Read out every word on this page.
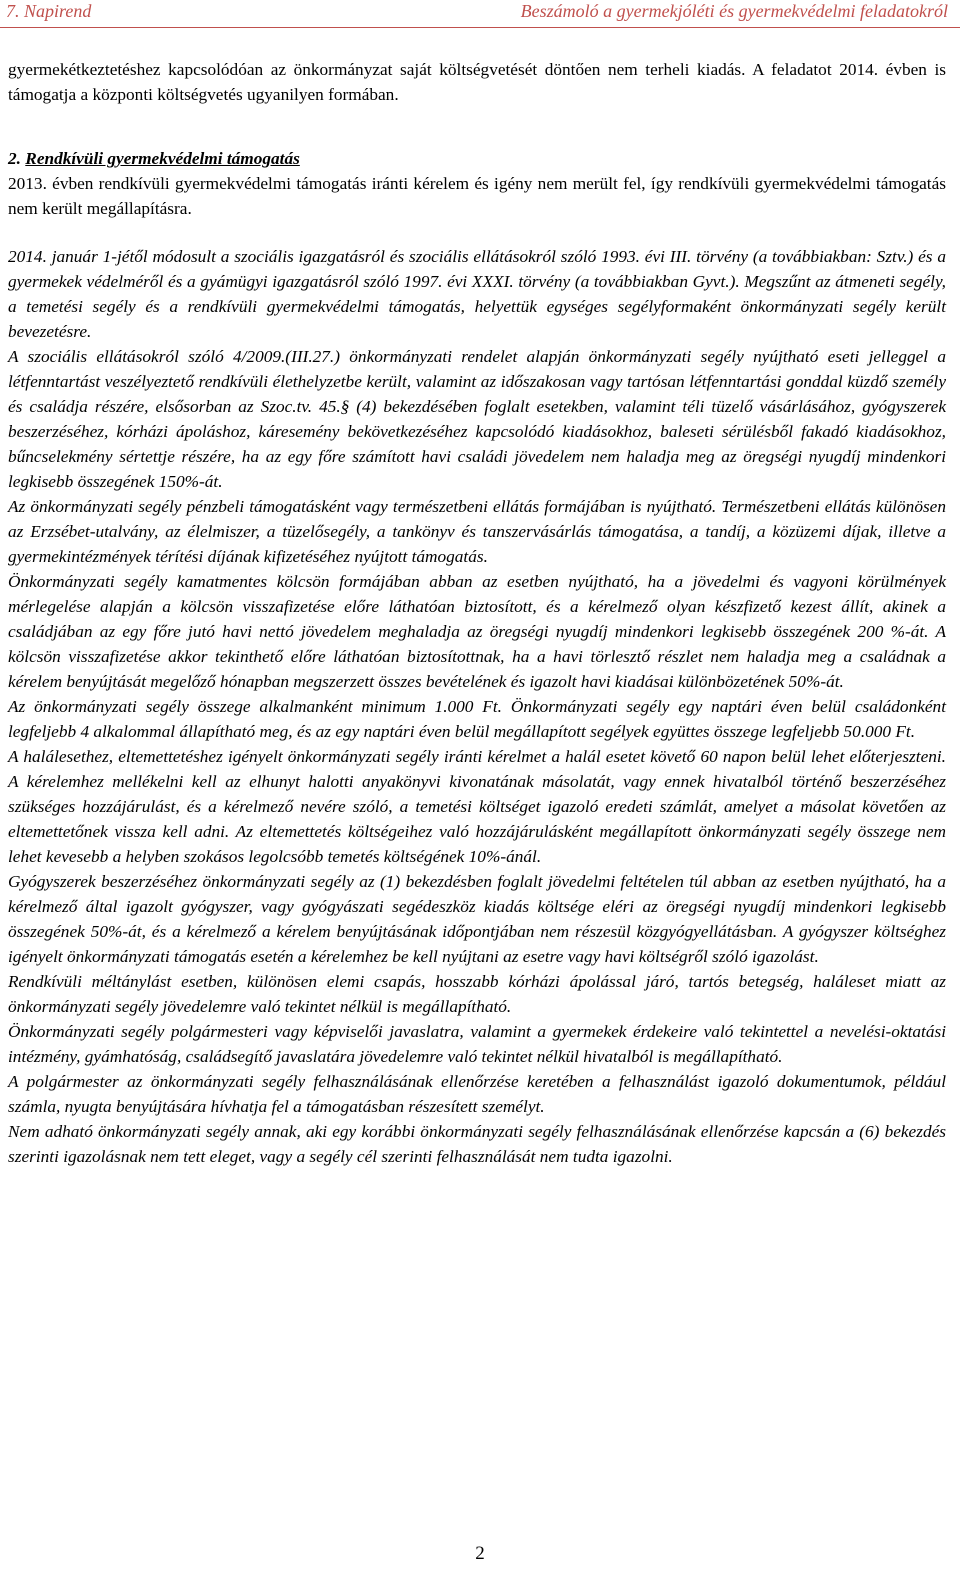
7. Napirend	Beszámoló a gyermekjóléti és gyermekvédelmi feladatokról

gyermekétkeztetéshez kapcsolódóan az önkormányzat saját költségvetését döntően nem terheli kiadás. A feladatot 2014. évben is támogatja a központi költségvetés ugyanilyen formában.

2. Rendkívüli gyermekvédelmi támogatás

2013. évben rendkívüli gyermekvédelmi támogatás iránti kérelem és igény nem merült fel, így rendkívüli gyermekvédelmi támogatás nem került megállapításra.

2014. január 1-jétől módosult a szociális igazgatásról és szociális ellátásokról szóló 1993. évi III. törvény (a továbbiakban: Sztv.) és a gyermekek védelméről és a gyámügyi igazgatásról szóló 1997. évi XXXI. törvény (a továbbiakban Gyvt.). Megszűnt az átmeneti segély, a temetési segély és a rendkívüli gyermekvédelmi támogatás, helyettük egységes segélyformaként önkormányzati segély került bevezetésre.

A szociális ellátásokról szóló 4/2009.(III.27.) önkormányzati rendelet alapján önkormányzati segély nyújtható eseti jelleggel a létfenntartást veszélyeztető rendkívüli élethelyzetbe került, valamint az időszakosan vagy tartósan létfenntartási gonddal küzdő személy és családja részére, elsősorban az Szoc.tv. 45.§ (4) bekezdésében foglalt esetekben, valamint téli tüzelő vásárlásához, gyógyszerek beszerzéséhez, kórházi ápoláshoz, káresemény bekövetkezéséhez kapcsolódó kiadásokhoz, baleseti sérülésből fakadó kiadásokhoz, bűncselekmény sértettje részére, ha az egy főre számított havi családi jövedelem nem haladja meg az öregségi nyugdíj mindenkori legkisebb összegének 150%-át.

Az önkormányzati segély pénzbeli támogatásként vagy természetbeni ellátás formájában is nyújtható. Természetbeni ellátás különösen az Erzsébet-utalvány, az élelmiszer, a tüzelősegély, a tankönyv és tanszervásárlás támogatása, a tandíj, a közüzemi díjak, illetve a gyermekintézmények térítési díjának kifizetéséhez nyújtott támogatás.

Önkormányzati segély kamatmentes kölcsön formájában abban az esetben nyújtható, ha a jövedelmi és vagyoni körülmények mérlegelése alapján a kölcsön visszafizetése előre láthatóan biztosított, és a kérelmező olyan készfizető kezest állít, akinek a családjában az egy főre jutó havi nettó jövedelem meghaladja az öregségi nyugdíj mindenkori legkisebb összegének 200 %-át. A kölcsön visszafizetése akkor tekinthető előre láthatóan biztosítottnak, ha a havi törlesztő részlet nem haladja meg a családnak a kérelem benyújtását megelőző hónapban megszerzett összes bevételének és igazolt havi kiadásai különbözetének 50%-át.

Az önkormányzati segély összege alkalmanként minimum 1.000 Ft. Önkormányzati segély egy naptári éven belül családonként legfeljebb 4 alkalommal állapítható meg, és az egy naptári éven belül megállapított segélyek együttes összege legfeljebb 50.000 Ft.

A halálesethez, eltemettetéshez igényelt önkormányzati segély iránti kérelmet a halál esetet követő 60 napon belül lehet előterjeszteni. A kérelemhez mellékelni kell az elhunyt halotti anyakönyvi kivonatának másolatát, vagy ennek hivatalból történő beszerzéséhez szükséges hozzájárulást, és a kérelmező nevére szóló, a temetési költséget igazoló eredeti számlát, amelyet a másolat követően az eltemettetőnek vissza kell adni. Az eltemettetés költségeihez való hozzájárulásként megállapított önkormányzati segély összege nem lehet kevesebb a helyben szokásos legolcsóbb temetés költségének 10%-ánál.

Gyógyszerek beszerzéséhez önkormányzati segély az (1) bekezdésben foglalt jövedelmi feltételen túl abban az esetben nyújtható, ha a kérelmező által igazolt gyógyszer, vagy gyógyászati segédeszköz kiadás költsége eléri az öregségi nyugdíj mindenkori legkisebb összegének 50%-át, és a kérelmező a kérelem benyújtásának időpontjában nem részesül közgyógyellátásban. A gyógyszer költséghez igényelt önkormányzati támogatás esetén a kérelemhez be kell nyújtani az esetre vagy havi költségről szóló igazolást.

Rendkívüli méltánylást esetben, különösen elemi csapás, hosszabb kórházi ápolással járó, tartós betegség, haláleset miatt az önkormányzati segély jövedelemre való tekintet nélkül is megállapítható.

Önkormányzati segély polgármesteri vagy képviselői javaslatra, valamint a gyermekek érdekeire való tekintettel a nevelési-oktatási intézmény, gyámhatóság, családsegítő javaslatára jövedelemre való tekintet nélkül hivatalból is megállapítható.

A polgármester az önkormányzati segély felhasználásának ellenőrzése keretében a felhasználást igazoló dokumentumok, például számla, nyugta benyújtására hívhatja fel a támogatásban részesített személyt.

Nem adható önkormányzati segély annak, aki egy korábbi önkormányzati segély felhasználásának ellenőrzése kapcsán a (6) bekezdés szerinti igazolásnak nem tett eleget, vagy a segély cél szerinti felhasználását nem tudta igazolni.

2
